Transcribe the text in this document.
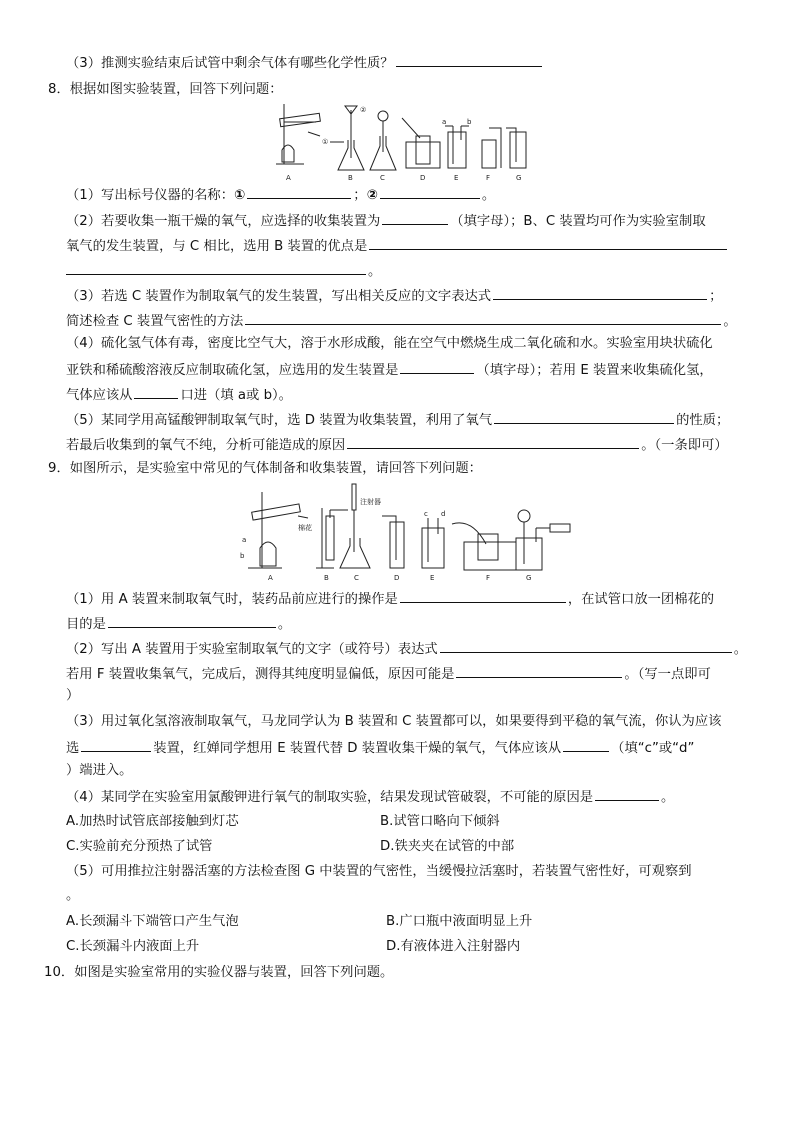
（3）推测实验结束后试管中剩余气体有哪些化学性质？
8．根据如图实验装置，回答下列问题：
A	B	C	D	E	F	G
①
②
a	b
（1）写出标号仪器的名称：①	；②	。
（2）若要收集一瓶干燥的氧气，应选择的收集装置为	（填字母）；B、C 装置均可作为实验室制取
氧气的发生装置，与 C 相比，选用 B 装置的优点是
。
（3）若选 C 装置作为制取氧气的发生装置，写出相关反应的文字表达式	；
简述检查 C 装置气密性的方法	。
（4）硫化氢气体有毒，密度比空气大，溶于水形成酸，能在空气中燃烧生成二氧化硫和水。实验室用块状硫化
亚铁和稀硫酸溶液反应制取硫化氢，应选用的发生装置是	（填字母）；若用 E 装置来收集硫化氢，
气体应该从	口进（填 a或 b）。
（5）某同学用高锰酸钾制取氧气时，选 D 装置为收集装置，利用了氧气	的性质；
若最后收集到的氧气不纯，分析可能造成的原因	。（一条即可）
9．如图所示，是实验室中常见的气体制备和收集装置，请回答下列问题：
A	B	C	D	E	F	G
注射器
棉花
a
b
c d
（1）用 A 装置来制取氧气时，装药品前应进行的操作是	，在试管口放一团棉花的
目的是	。
（2）写出 A 装置用于实验室制取氧气的文字（或符号）表达式	。
若用 F 装置收集氧气，完成后，测得其纯度明显偏低，原因可能是	。（写一点即可
）
（3）用过氧化氢溶液制取氧气，马龙同学认为 B 装置和 C 装置都可以，如果要得到平稳的氧气流，你认为应该
选	装置，红婵同学想用 E 装置代替 D 装置收集干燥的氧气，气体应该从	（填“c”或“d”
）端进入。
（4）某同学在实验室用氯酸钾进行氧气的制取实验，结果发现试管破裂，不可能的原因是	。
A.加热时试管底部接触到灯芯	B.试管口略向下倾斜
C.实验前充分预热了试管	D.铁夹夹在试管的中部
（5）可用推拉注射器活塞的方法检查图 G 中装置的气密性，当缓慢拉活塞时，若装置气密性好，可观察到
。
A.长颈漏斗下端管口产生气泡	B.广口瓶中液面明显上升
C.长颈漏斗内液面上升	D.有液体进入注射器内
10．如图是实验室常用的实验仪器与装置，回答下列问题。
